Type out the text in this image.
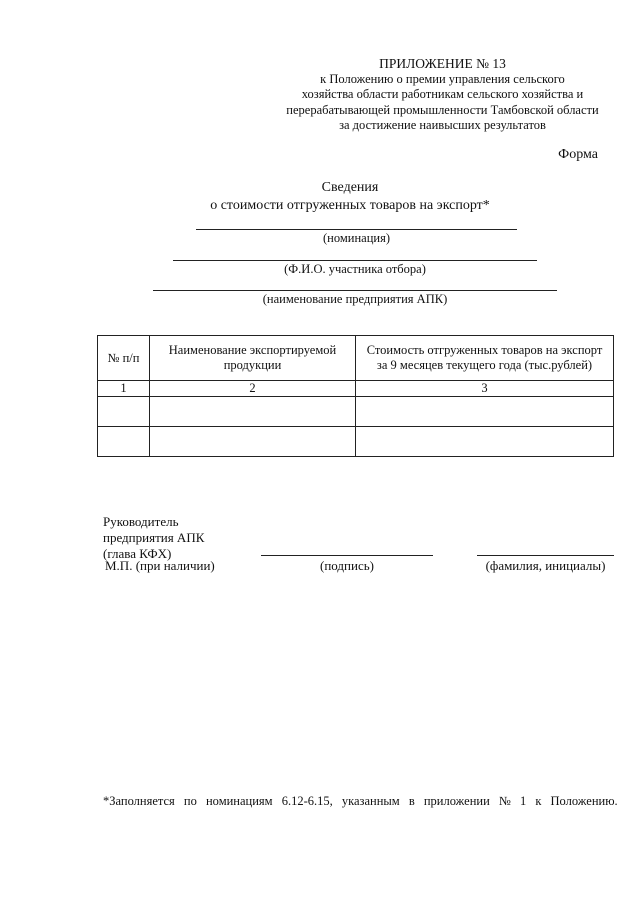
ПРИЛОЖЕНИЕ № 13
к Положению о премии управления сельского
хозяйства области работникам сельского хозяйства и
перерабатывающей промышленности Тамбовской области
за достижение наивысших результатов
Форма
Сведения
о стоимости отгруженных товаров на экспорт*
(номинация)
(Ф.И.О. участника отбора)
(наименование предприятия АПК)
№ п/п	Наименование экспортируемой продукции	Стоимость отгруженных товаров на экспорт за 9 месяцев текущего года (тыс.рублей)
1	2	3

Руководитель
предприятия АПК
(глава КФХ)
М.П. (при наличии)	(подпись)	(фамилия, инициалы)
*Заполняется по номинациям 6.12-6.15, указанным в приложении № 1 к Положению.
